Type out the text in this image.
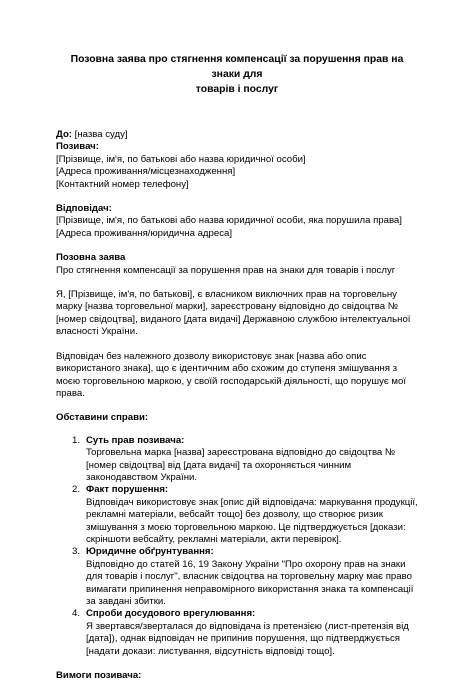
Позовна заява про стягнення компенсації за порушення прав на знаки для
товарів і послуг

До: [назва суду]

Позивач:

[Прізвище, ім'я, по батькові або назва юридичної особи]

[Адреса проживання/місцезнаходження]

[Контактний номер телефону]

Відповідач:

[Прізвище, ім'я, по батькові або назва юридичної особи, яка порушила права]

[Адреса проживання/юридична адреса]

Позовна заява

Про стягнення компенсації за порушення прав на знаки для товарів і послуг

Я, [Прізвище, ім'я, по батькові], є власником виключних прав на торговельну марку [назва торговельної марки], зареєстровану відповідно до свідоцтва № [номер свідоцтва], виданого [дата видачі] Державною службою інтелектуальної власності України.

Відповідач без належного дозволу використовує знак [назва або опис використаного знака], що є ідентичним або схожим до ступеня змішування з моєю торговельною маркою, у своїй господарській діяльності, що порушує мої права.

Обставини справи:

1. Суть прав позивача:
Торговельна марка [назва] зареєстрована відповідно до свідоцтва № [номер свідоцтва] від [дата видачі] та охороняється чинним законодавством України.
2. Факт порушення:
Відповідач використовує знак [опис дій відповідача: маркування продукції, рекламні матеріали, вебсайт тощо] без дозволу, що створює ризик змішування з моєю торговельною маркою. Це підтверджується [докази: скріншоти вебсайту, рекламні матеріали, акти перевірок].
3. Юридичне обґрунтування:
Відповідно до статей 16, 19 Закону України "Про охорону прав на знаки для товарів і послуг", власник свідоцтва на торговельну марку має право вимагати припинення неправомірного використання знака та компенсації за завдані збитки.
4. Спроби досудового врегулювання:
Я звертався/зверталася до відповідача із претензією (лист-претензія від [дата]), однак відповідач не припинив порушення, що підтверджується [надати докази: листування, відсутність відповіді тощо].

Вимоги позивача:
